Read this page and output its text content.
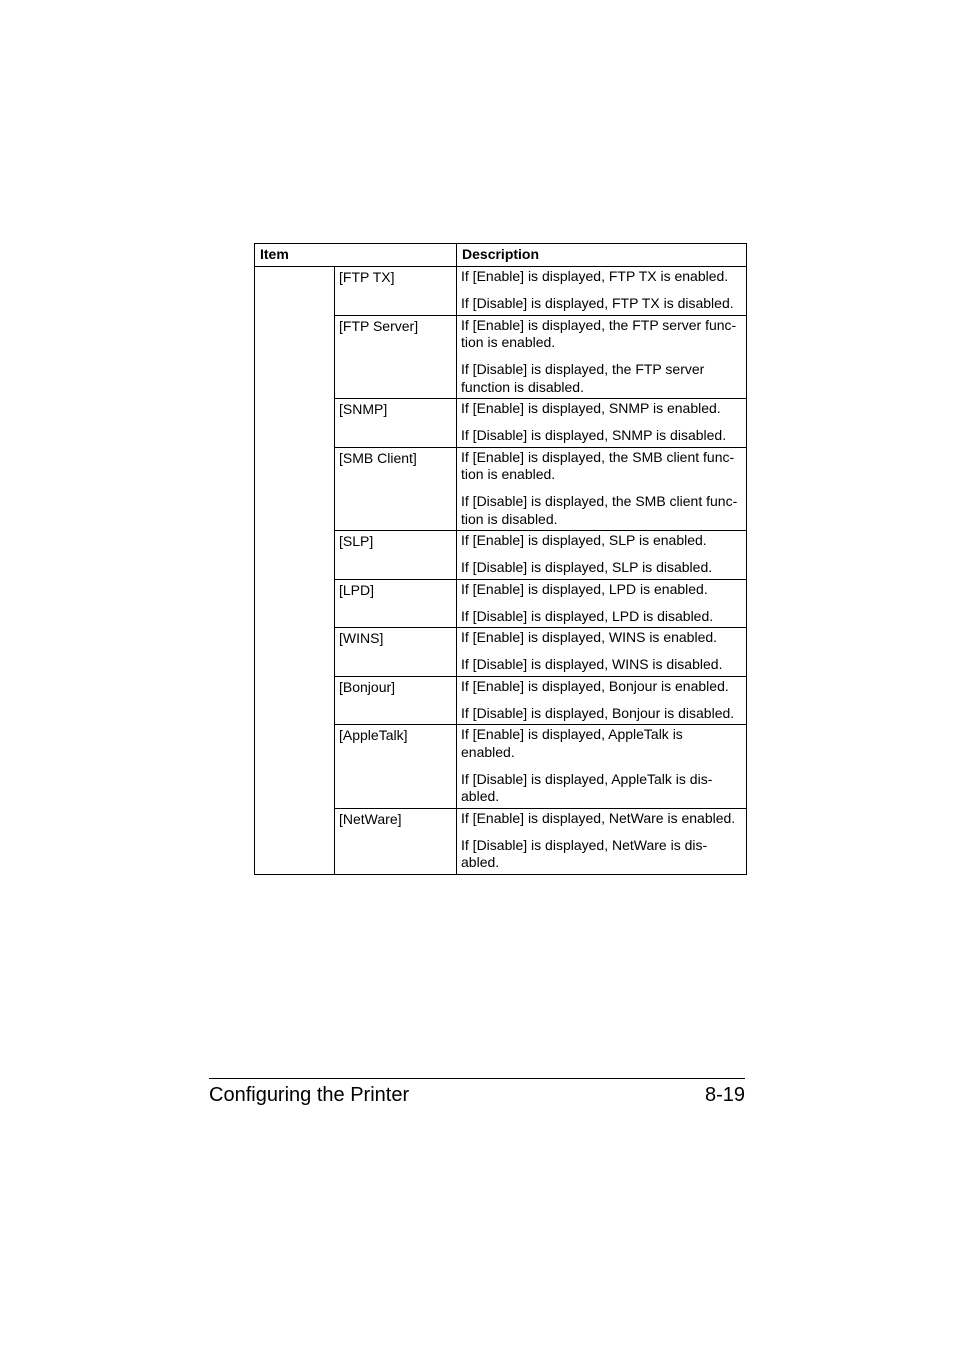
Item		Description
	[FTP TX]	If [Enable] is displayed, FTP TX is enabled.

If [Disable] is displayed, FTP TX is disabled.

	[FTP Server]	If [Enable] is displayed, the FTP server func-
tion is enabled.

If [Disable] is displayed, the FTP server
function is disabled.

	[SNMP]	If [Enable] is displayed, SNMP is enabled.

If [Disable] is displayed, SNMP is disabled.

	[SMB Client]	If [Enable] is displayed, the SMB client func-
tion is enabled.

If [Disable] is displayed, the SMB client func-
tion is disabled.

	[SLP]	If [Enable] is displayed, SLP is enabled.

If [Disable] is displayed, SLP is disabled.

	[LPD]	If [Enable] is displayed, LPD is enabled.

If [Disable] is displayed, LPD is disabled.

	[WINS]	If [Enable] is displayed, WINS is enabled.

If [Disable] is displayed, WINS is disabled.

	[Bonjour]	If [Enable] is displayed, Bonjour is enabled.

If [Disable] is displayed, Bonjour is disabled.

	[AppleTalk]	If [Enable] is displayed, AppleTalk is
enabled.

If [Disable] is displayed, AppleTalk is dis-
abled.

	[NetWare]	If [Enable] is displayed, NetWare is enabled.

If [Disable] is displayed, NetWare is dis-
abled.

Configuring the Printer	8-19
